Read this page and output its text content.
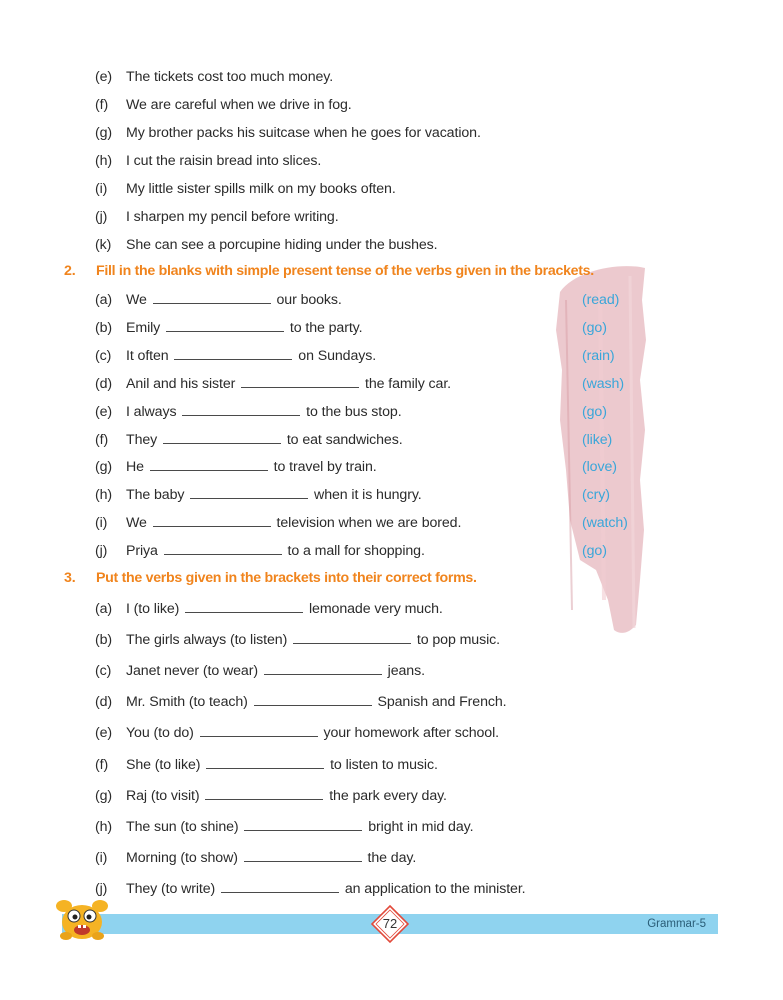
(e) The tickets cost too much money.
(f) We are careful when we drive in fog.
(g) My brother packs his suitcase when he goes for vacation.
(h) I cut the raisin bread into slices.
(i) My little sister spills milk on my books often.
(j) I sharpen my pencil before writing.
(k) She can see a porcupine hiding under the bushes.
2. Fill in the blanks with simple present tense of the verbs given in the brackets.
(a) We	our books.	(read)
(b) Emily	to the party.	(go)
(c) It often	on Sundays.	(rain)
(d) Anil and his sister	the family car.	(wash)
(e) I always	to the bus stop.	(go)
(f) They	to eat sandwiches.	(like)
(g) He	to travel by train.	(love)
(h) The baby	when it is hungry.	(cry)
(i) We	television when we are bored.	(watch)
(j) Priya	to a mall for shopping.	(go)
3. Put the verbs given in the brackets into their correct forms.
(a) I (to like)	lemonade very much.
(b) The girls always (to listen)	to pop music.
(c) Janet never (to wear)	jeans.
(d) Mr. Smith (to teach)	Spanish and French.
(e) You (to do)	your homework after school.
(f) She (to like)	to listen to music.
(g) Raj (to visit)	the park every day.
(h) The sun (to shine)	bright in mid day.
(i) Morning (to show)	the day.
(j) They (to write)	an application to the minister.
72	Grammar-5
